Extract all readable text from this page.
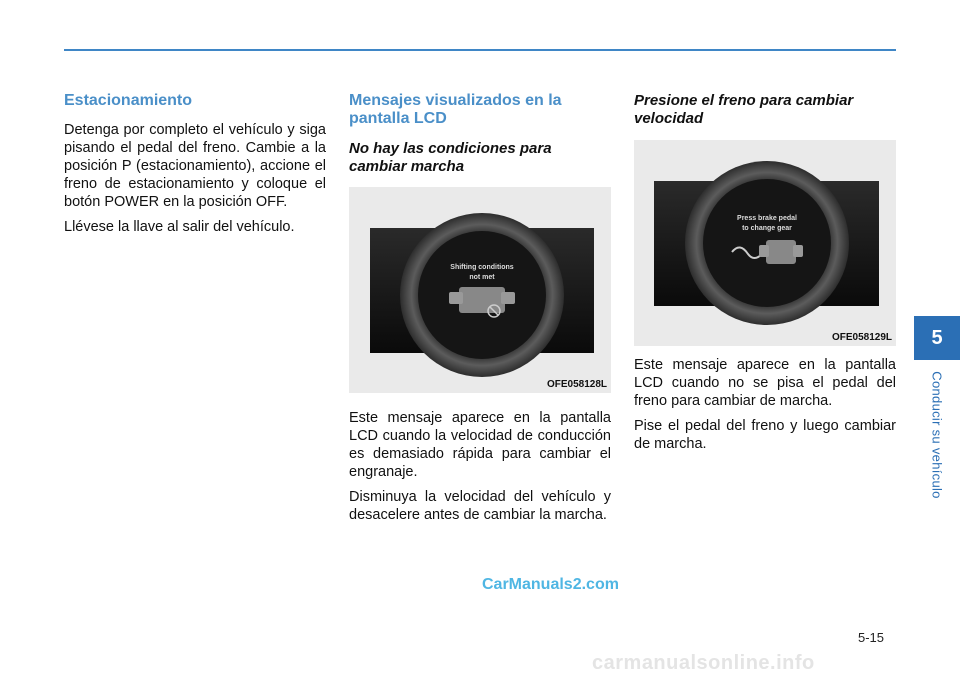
Estacionamiento

Detenga por completo el vehículo y siga pisando el pedal del freno. Cambie a la posición P (estacionamiento), accione el freno de estacionamiento y coloque el botón POWER en la posición OFF.

Llévese la llave al salir del vehículo.

Mensajes visualizados en la pantalla LCD
No hay las condiciones para cambiar marcha
Shifting conditions
not met
OFE058128L

Este mensaje aparece en la pantalla LCD cuando la velocidad de conducción es demasiado rápida para cambiar el engranaje.

Disminuya la velocidad del vehículo y desacelere antes de cambiar la marcha.

Presione el freno para cambiar velocidad
Press brake pedal
to change gear
OFE058129L

Este mensaje aparece en la pantalla LCD cuando no se pisa el pedal del freno para cambiar de marcha.

Pise el pedal del freno y luego cambiar de marcha.

5
Conducir su vehículo
CarManuals2.com
5-15
carmanualsonline.info
